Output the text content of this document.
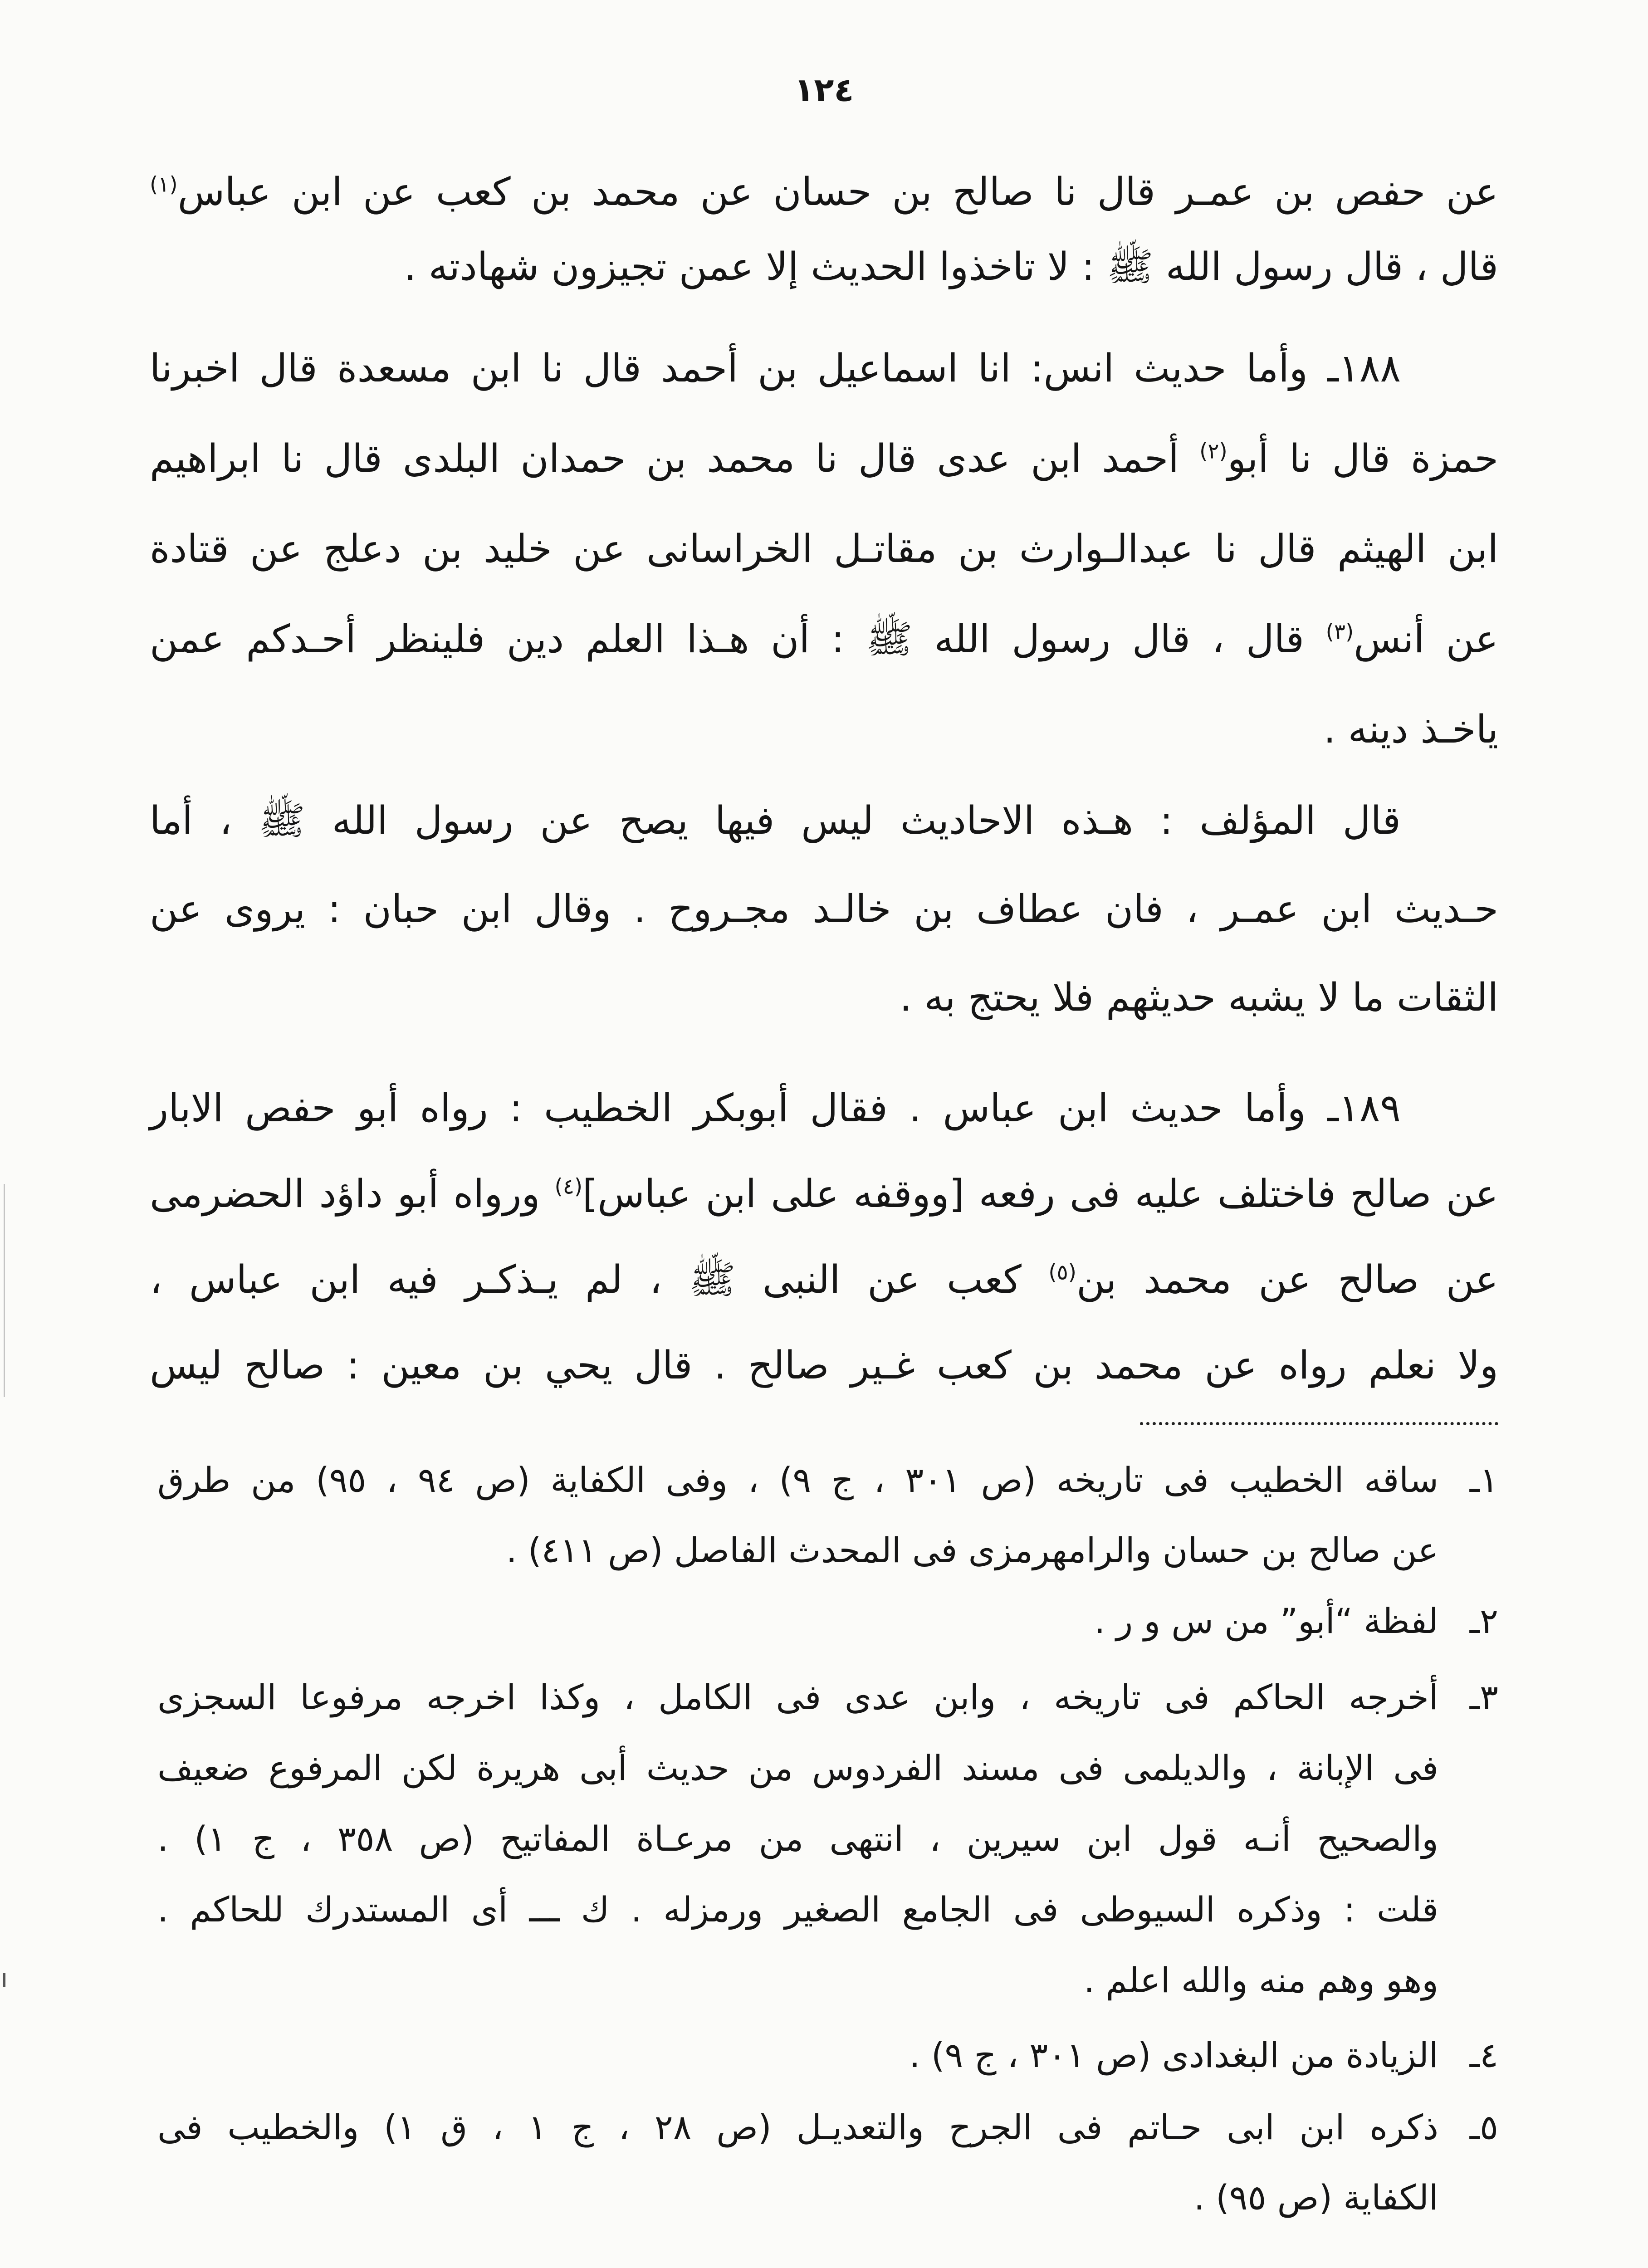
١٢٤
عن حفص بن عمـر قال نا صالح بن حسان عن محمد بن كعب عن ابن عباس$^{(١)}$
قال ، قال رسول الله ﷺ : لا تاخذوا الحديث إلا عمن تجيزون شهادته .
١٨٨ـ وأما حديث انس: انا اسماعيل بن أحمد قال نا ابن مسعدة قال اخبرنا
حمزة قال نا أبو$^{(٢)}$ أحمد ابن عدى قال نا محمد بن حمدان البلدى قال نا ابراهيم
ابن الهيثم قال نا عبدالـوارث بن مقاتـل الخراسانى عن خليد بن دعلج عن قتادة
عن أنس$^{(٣)}$ قال ، قال رسول الله ﷺ : أن هـذا العلم دين فلينظر أحـدكم عمن
ياخـذ دينه .
قال المؤلف : هـذه الاحاديث ليس فيها يصح عن رسول الله ﷺ ، أما
حـديث ابن عمـر ، فان عطاف بن خالـد مجـروح . وقال ابن حبان : يروى عن
الثقات ما لا يشبه حديثهم فلا يحتج به .
١٨٩ـ وأما حديث ابن عباس . فقال أبوبكر الخطيب : رواه أبو حفص الابار
عن صالح فاختلف عليه فى رفعه [ووقفه على ابن عباس]$^{(٤)}$ ورواه أبو داؤد الحضرمى
عن صالح عن محمد بن$^{(٥)}$ كعب عن النبى ﷺ ، لم يـذكـر فيه ابن عباس ،
ولا نعلم رواه عن محمد بن كعب غـير صالح . قال يحي بن معين : صالح ليس
١ـ
ساقه الخطيب فى تاريخه (ص ٣٠١ ، ج ٩) ، وفى الكفاية (ص ٩٤ ، ٩٥) من طرق
عن صالح بن حسان والرامهرمزى فى المحدث الفاصل (ص ٤١١) .
٢ـ
لفظة “أبو” من س و ر .
٣ـ
أخرجه الحاكم فى تاريخه ، وابن عدى فى الكامل ، وكذا اخرجه مرفوعا السجزى
فى الإبانة ، والديلمى فى مسند الفردوس من حديث أبى هريرة لكن المرفوع ضعيف
والصحيح أنـه قول ابن سيرين ، انتهى من مرعـاة المفاتيح (ص ٣٥٨ ، ج ١) .
قلت : وذكره السيوطى فى الجامع الصغير ورمزله . ك ـــ أى المستدرك للحاكم .
وهو وهم منه والله اعلم .
٤ـ
الزيادة من البغدادى (ص ٣٠١ ، ج ٩) .
٥ـ
ذكره ابن ابى حـاتم فى الجرح والتعديـل (ص ٢٨ ، ج ١ ، ق ١) والخطيب فى
الكفاية (ص ٩٥) .
